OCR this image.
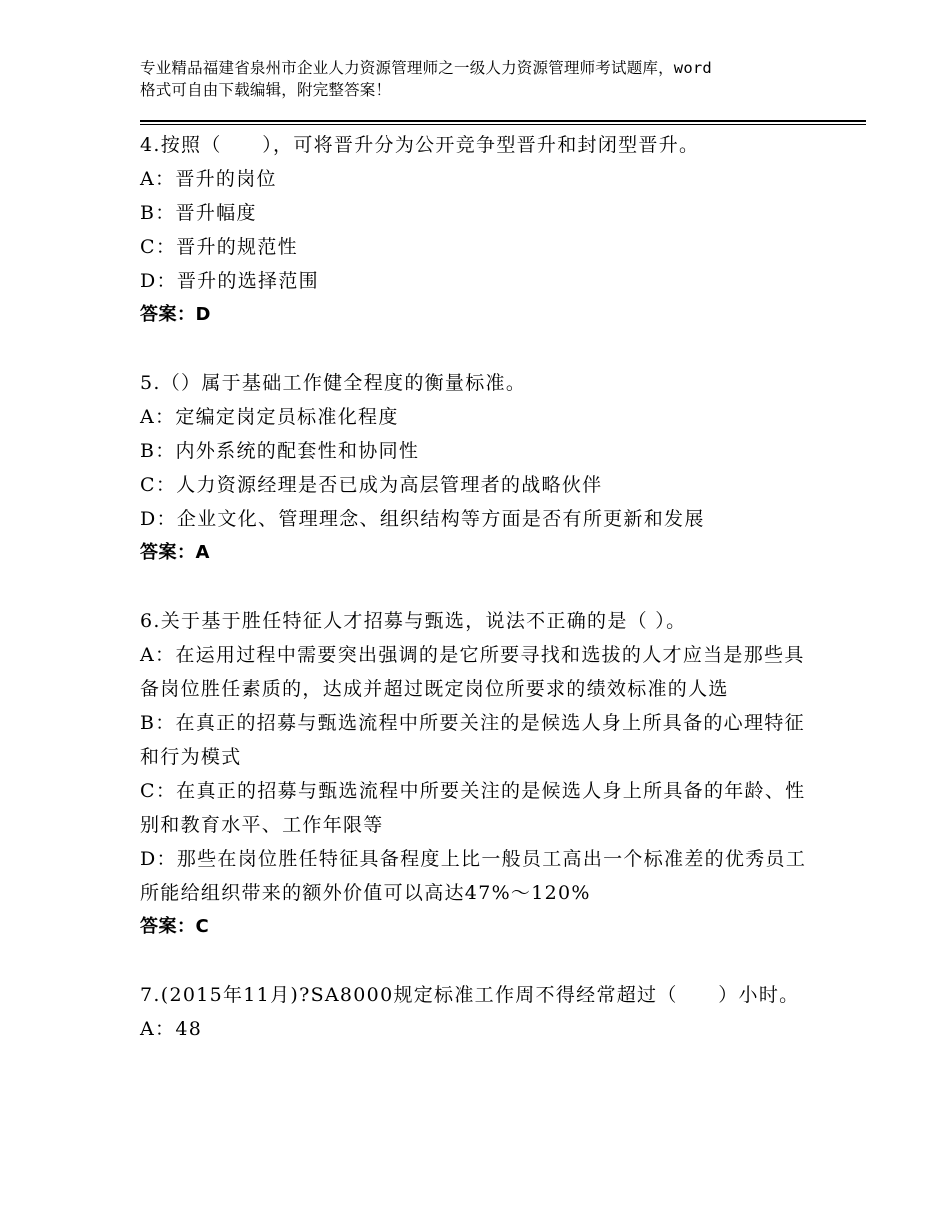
专业精品福建省泉州市企业人力资源管理师之一级人力资源管理师考试题库，word
格式可自由下载编辑，附完整答案！
4.按照（　　），可将晋升分为公开竞争型晋升和封闭型晋升。
A：晋升的岗位
B：晋升幅度
C：晋升的规范性
D：晋升的选择范围
答案：D
5.（）属于基础工作健全程度的衡量标准。
A：定编定岗定员标准化程度
B：内外系统的配套性和协同性
C：人力资源经理是否已成为高层管理者的战略伙伴
D：企业文化、管理理念、组织结构等方面是否有所更新和发展
答案：A
6.关于基于胜任特征人才招募与甄选，说法不正确的是（ ）。
A：在运用过程中需要突出强调的是它所要寻找和选拔的人才应当是那些具备岗位胜任素质的，达成并超过既定岗位所要求的绩效标准的人选
B：在真正的招募与甄选流程中所要关注的是候选人身上所具备的心理特征和行为模式
C：在真正的招募与甄选流程中所要关注的是候选人身上所具备的年龄、性别和教育水平、工作年限等
D：那些在岗位胜任特征具备程度上比一般员工高出一个标准差的优秀员工所能给组织带来的额外价值可以高达47%～120%
答案：C
7.(2015年11月)?SA8000规定标准工作周不得经常超过（　　）小时。
A：48
